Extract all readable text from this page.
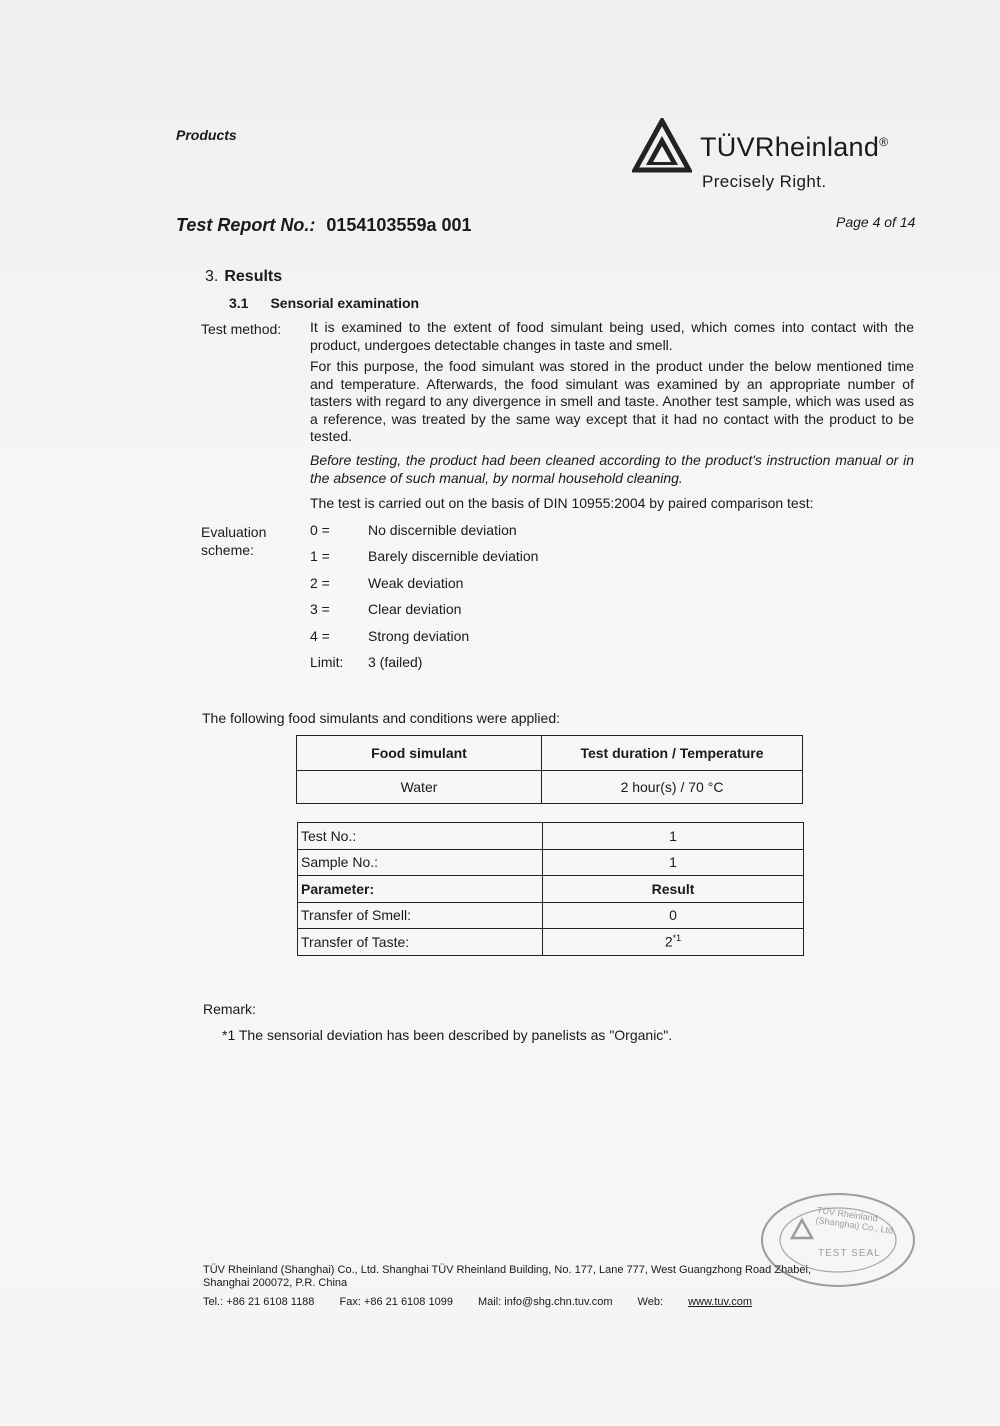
Products	TÜVRheinland®
Precisely Right.
Test Report No.: 0154103559a 001	Page 4 of 14
3. Results
3.1 Sensorial examination
Test method: It is examined to the extent of food simulant being used, which comes into contact with the product, undergoes detectable changes in taste and smell.
For this purpose, the food simulant was stored in the product under the below mentioned time and temperature. Afterwards, the food simulant was examined by an appropriate number of tasters with regard to any divergence in smell and taste. Another test sample, which was used as a reference, was treated by the same way except that it had no contact with the product to be tested.
Before testing, the product had been cleaned according to the product's instruction manual or in the absence of such manual, by normal household cleaning.
The test is carried out on the basis of DIN 10955:2004 by paired comparison test:
Evaluation
scheme:
0 =	No discernible deviation
1 =	Barely discernible deviation
2 =	Weak deviation
3 =	Clear deviation
4 =	Strong deviation
Limit: 3 (failed)
The following food simulants and conditions were applied:
Food simulant	Test duration / Temperature
Water	2 hour(s) / 70 °C
Test No.:	1
Sample No.:	1
Parameter:	Result
Transfer of Smell:	0
Transfer of Taste:	2$^{*1}$
Remark:
*1 The sensorial deviation has been described by panelists as "Organic".
TÜV Rheinland (Shanghai) Co., Ltd.
TEST SEAL
TÜV Rheinland (Shanghai) Co., Ltd. Shanghai TÜV Rheinland Building, No. 177, Lane 777, West Guangzhong Road Zhabei,
Shanghai 200072, P.R. China
Tel.: +86 21 6108 1188 Fax: +86 21 6108 1099 Mail: info@shg.chn.tuv.com Web: www.tuv.com
